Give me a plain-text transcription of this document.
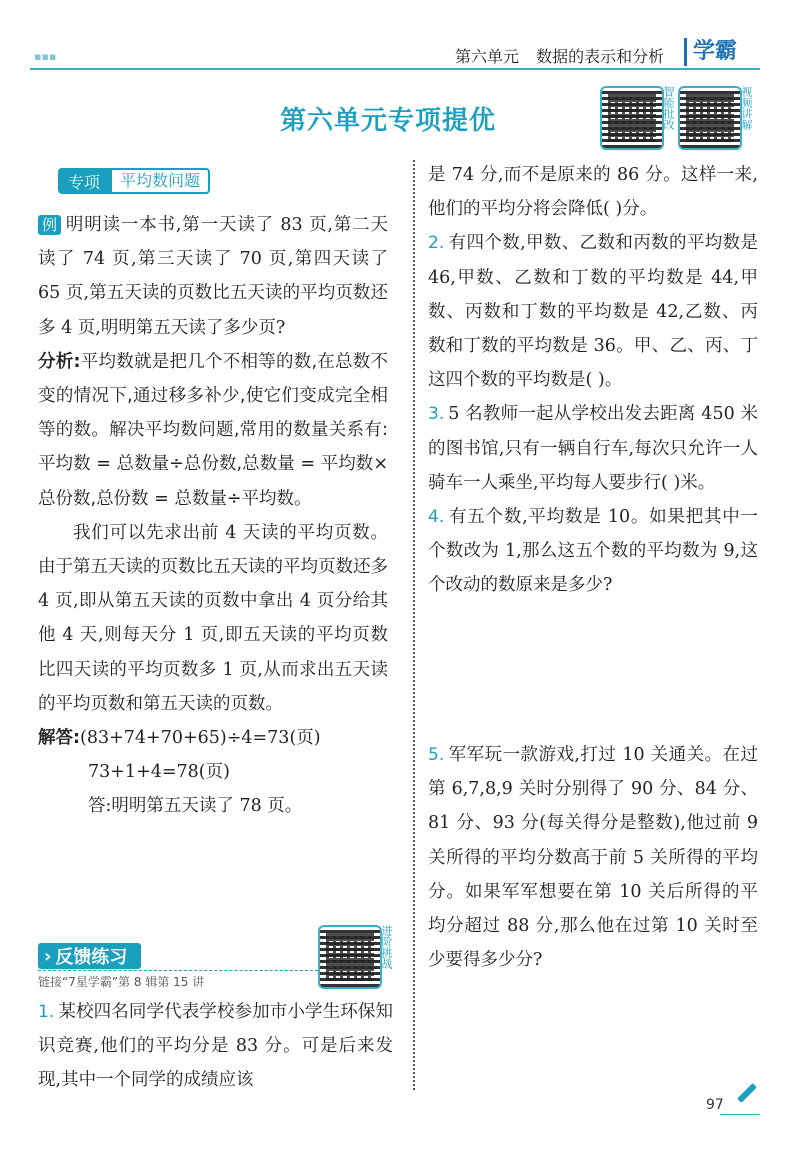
▪▪▪	第六单元 数据的表示和分析	学霸
第六单元专项提优	智能批改	视频讲解
专项	平均数问题

例 明明读一本书,第一天读了 83 页,第二天读了 74 页,第三天读了 70 页,第四天读了 65 页,第五天读的页数比五天读的平均页数还多 4 页,明明第五天读了多少页?

分析:平均数就是把几个不相等的数,在总数不变的情况下,通过移多补少,使它们变成完全相等的数。解决平均数问题,常用的数量关系有:平均数 = 总数量÷总份数,总数量 = 平均数×总份数,总份数 = 总数量÷平均数。

我们可以先求出前 4 天读的平均页数。由于第五天读的页数比五天读的平均页数还多 4 页,即从第五天读的页数中拿出 4 页分给其他 4 天,则每天分 1 页,即五天读的平均页数比四天读的平均页数多 1 页,从而求出五天读的平均页数和第五天读的页数。

解答:(83+74+70+65)÷4=73(页)

73+1+4=78(页)

答:明明第五天读了 78 页。

› 反馈练习
链接“7星学霸”第 8 辑第 15 讲
进阶挑战

1. 某校四名同学代表学校参加市小学生环保知识竞赛,他们的平均分是 83 分。可是后来发现,其中一个同学的成绩应该

是 74 分,而不是原来的 86 分。这样一来,他们的平均分将会降低( )分。

2. 有四个数,甲数、乙数和丙数的平均数是 46,甲数、乙数和丁数的平均数是 44,甲数、丙数和丁数的平均数是 42,乙数、丙数和丁数的平均数是 36。甲、乙、丙、丁这四个数的平均数是( )。

3. 5 名教师一起从学校出发去距离 450 米的图书馆,只有一辆自行车,每次只允许一人骑车一人乘坐,平均每人要步行( )米。

4. 有五个数,平均数是 10。如果把其中一个数改为 1,那么这五个数的平均数为 9,这个改动的数原来是多少?

5. 军军玩一款游戏,打过 10 关通关。在过第 6,7,8,9 关时分别得了 90 分、84 分、81 分、93 分(每关得分是整数),他过前 9 关所得的平均分数高于前 5 关所得的平均分。如果军军想要在第 10 关后所得的平均分超过 88 分,那么他在过第 10 关时至少要得多少分?

97
